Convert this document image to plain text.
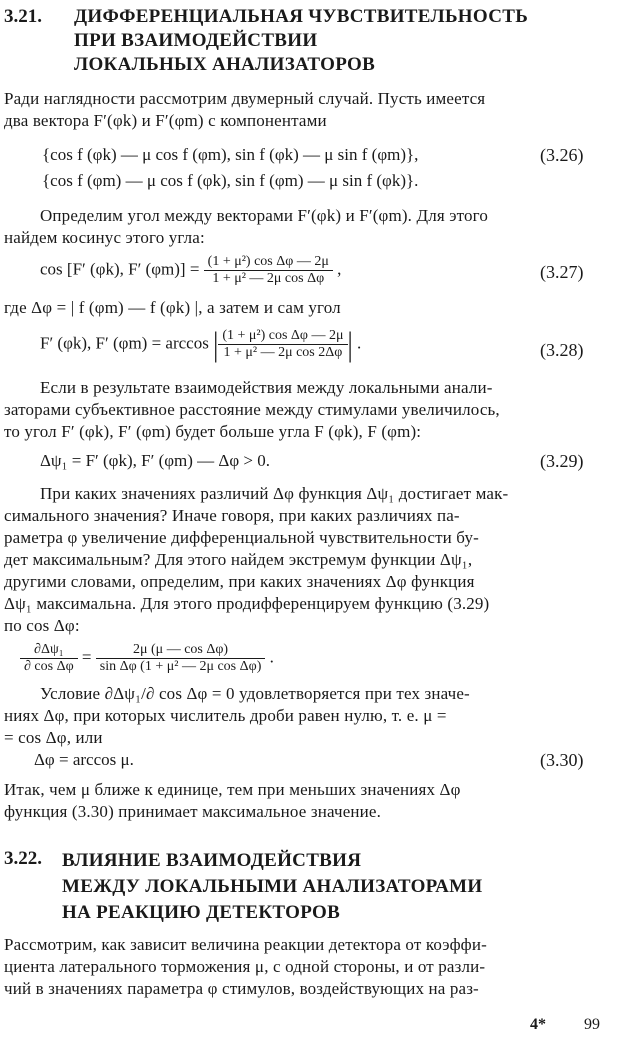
3.21. ДИФФЕРЕНЦИАЛЬНАЯ ЧУВСТВИТЕЛЬНОСТЬ
ПРИ ВЗАИМОДЕЙСТВИИ
ЛОКАЛЬНЫХ АНАЛИЗАТОРОВ
Ради наглядности рассмотрим двумерный случай. Пусть имеется
два вектора F′(φk) и F′(φm) с компонентами
{cos f (φk) — μ cos f (φm), sin f (φk) — μ sin f (φm)},
{cos f (φm) — μ cos f (φk), sin f (φm) — μ sin f (φk)}.
(3.26)
Определим угол между векторами F′(φk) и F′(φm). Для этого
найдем косинус этого угла:
cos [F′ (φk), F′ $(\varphi m)] = \frac{\text{(1 + μ²) cos Δφ — 2μ}}{\text{1 + μ² — 2μ cos Δφ}}$ ,	(3.27)
где Δφ = | f (φm) — f (φk) |, а затем и сам угол
F′ (φk), F′ (φm) = arccos | $\frac{\text{(1 + μ²) cos Δφ — 2μ}}{\text{1 + μ² — 2μ cos 2Δφ}}$ | .	(3.28)
Если в результате взаимодействия между локальными анали-
заторами субъективное расстояние между стимулами увеличилось,
то угол F′ (φk), F′ (φm) будет больше угла F (φk), F (φm):
Δψ₁ = F′ (φk), F′ (φm) — Δφ > 0.	(3.29)
При каких значениях различий Δφ функция Δψ₁ достигает мак-
симального значения? Иначе говоря, при каких различиях па-
раметра φ увеличение дифференциальной чувствительности бу-
дет максимальным? Для этого найдем экстремум функции Δψ₁,
другими словами, определим, при каких значениях Δφ функция
Δψ₁ максимальна. Для этого продифференцируем функцию (3.29)
по cos Δφ:
$\frac{\text{∂Δψ₁}}{\text{∂ cos Δφ}} = \frac{\text{2μ (μ — cos Δφ)}}{\text{sin Δφ (1 + μ² — 2μ cos Δφ)}}$ .
Условие ∂Δψ₁/∂ cos Δφ = 0 удовлетворяется при тех значе-
ниях Δφ, при которых числитель дроби равен нулю, т. е. μ =
= cos Δφ, или
Δφ = arccos μ.	(3.30)
Итак, чем μ ближе к единице, тем при меньших значениях Δφ
функция (3.30) принимает максимальное значение.
3.22. ВЛИЯНИЕ ВЗАИМОДЕЙСТВИЯ
МЕЖДУ ЛОКАЛЬНЫМИ АНАЛИЗАТОРАМИ
НА РЕАКЦИЮ ДЕТЕКТОРОВ
Рассмотрим, как зависит величина реакции детектора от коэффи-
циента латерального торможения μ, с одной стороны, и от разли-
чий в значениях параметра φ стимулов, воздействующих на раз-
4* 99
